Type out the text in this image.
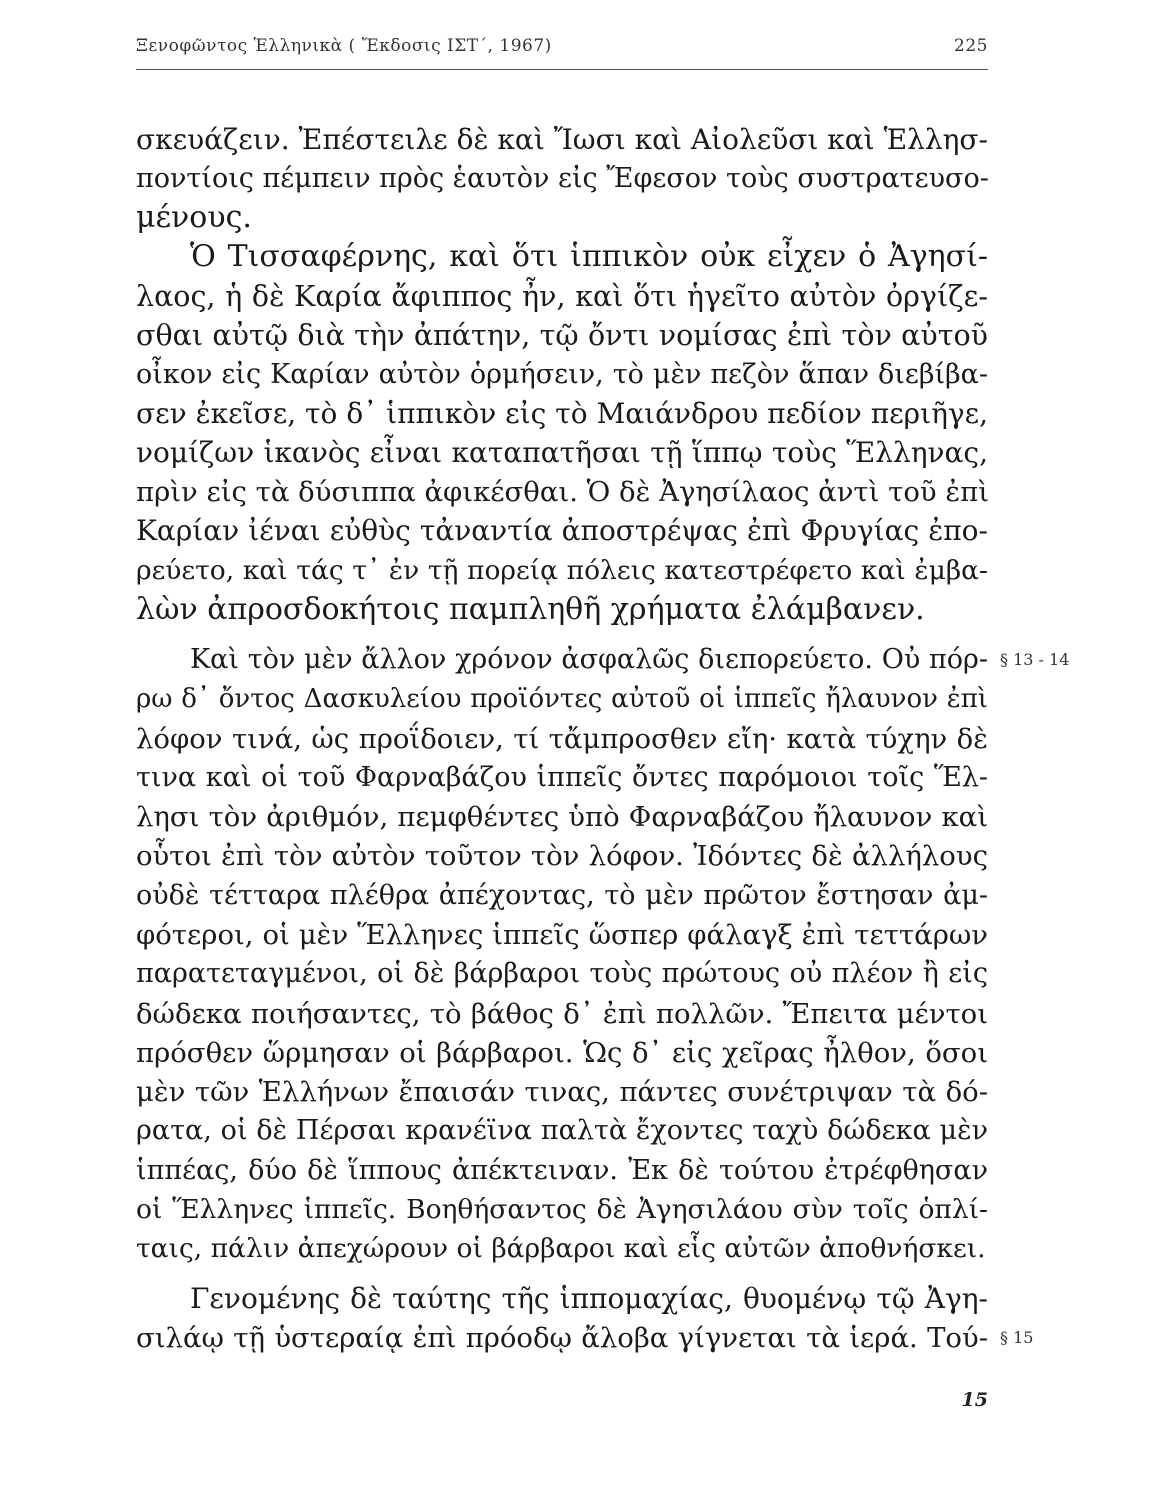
Ξενοφῶντος Ἑλληνικὰ ( Ἔκδοσις ΙΣΤ΄, 1967)	225
σκευάζειν. Ἐπέστειλε δὲ καὶ Ἴωσι καὶ Αἰολεῦσι καὶ Ἑλλησ-
ποντίοις πέμπειν πρὸς ἑαυτὸν εἰς Ἔφεσον τοὺς συστρατευσο-
μένους.
Ὁ Τισσαφέρνης, καὶ ὅτι ἱππικὸν οὐκ εἶχεν ὁ Ἀγησί-
λαος, ἡ δὲ Καρία ἄφιππος ἦν, καὶ ὅτι ἡγεῖτο αὐτὸν ὀργίζε-
σθαι αὐτῷ διὰ τὴν ἀπάτην, τῷ ὄντι νομίσας ἐπὶ τὸν αὐτοῦ
οἶκον εἰς Καρίαν αὐτὸν ὁρμήσειν, τὸ μὲν πεζὸν ἅπαν διεβίβα-
σεν ἐκεῖσε, τὸ δ᾽ ἱππικὸν εἰς τὸ Μαιάνδρου πεδίον περιῆγε,
νομίζων ἱκανὸς εἶναι καταπατῆσαι τῇ ἵππῳ τοὺς Ἕλληνας,
πρὶν εἰς τὰ δύσιππα ἀφικέσθαι. Ὁ δὲ Ἀγησίλαος ἀντὶ τοῦ ἐπὶ
Καρίαν ἰέναι εὐθὺς τἀναντία ἀποστρέψας ἐπὶ Φρυγίας ἐπο-
ρεύετο, καὶ τάς τ᾽ ἐν τῇ πορείᾳ πόλεις κατεστρέφετο καὶ ἐμβα-
λὼν ἀπροσδοκήτοις παμπληθῆ χρήματα ἐλάμβανεν.
Καὶ τὸν μὲν ἄλλον χρόνον ἀσφαλῶς διεπορεύετο. Οὐ πόρ-
ρω δ᾽ ὄντος Δασκυλείου προϊόντες αὐτοῦ οἱ ἱππεῖς ἤλαυνον ἐπὶ
λόφον τινά, ὡς προΐδοιεν, τί τἄμπροσθεν εἴη· κατὰ τύχην δὲ
τινα καὶ οἱ τοῦ Φαρναβάζου ἱππεῖς ὄντες παρόμοιοι τοῖς Ἕλ-
λησι τὸν ἀριθμόν, πεμφθέντες ὑπὸ Φαρναβάζου ἤλαυνον καὶ
οὗτοι ἐπὶ τὸν αὐτὸν τοῦτον τὸν λόφον. Ἰδόντες δὲ ἀλλήλους
οὐδὲ τέτταρα πλέθρα ἀπέχοντας, τὸ μὲν πρῶτον ἔστησαν ἀμ-
φότεροι, οἱ μὲν Ἕλληνες ἱππεῖς ὥσπερ φάλαγξ ἐπὶ τεττάρων
παρατεταγμένοι, οἱ δὲ βάρβαροι τοὺς πρώτους οὐ πλέον ἢ εἰς
δώδεκα ποιήσαντες, τὸ βάθος δ᾽ ἐπὶ πολλῶν. Ἔπειτα μέντοι
πρόσθεν ὥρμησαν οἱ βάρβαροι. Ὡς δ᾽ εἰς χεῖρας ἦλθον, ὅσοι
μὲν τῶν Ἑλλήνων ἔπαισάν τινας, πάντες συνέτριψαν τὰ δό-
ρατα, οἱ δὲ Πέρσαι κρανέϊνα παλτὰ ἔχοντες ταχὺ δώδεκα μὲν
ἱππέας, δύο δὲ ἵππους ἀπέκτειναν. Ἐκ δὲ τούτου ἐτρέφθησαν
οἱ Ἕλληνες ἱππεῖς. Βοηθήσαντος δὲ Ἀγησιλάου σὺν τοῖς ὁπλί-
ταις, πάλιν ἀπεχώρουν οἱ βάρβαροι καὶ εἷς αὐτῶν ἀποθνήσκει.
Γενομένης δὲ ταύτης τῆς ἱππομαχίας, θυομένῳ τῷ Ἀγη-
σιλάῳ τῇ ὑστεραίᾳ ἐπὶ πρόοδῳ ἄλοβα γίγνεται τὰ ἱερά. Τού-
§ 13 - 14
§ 15
15
